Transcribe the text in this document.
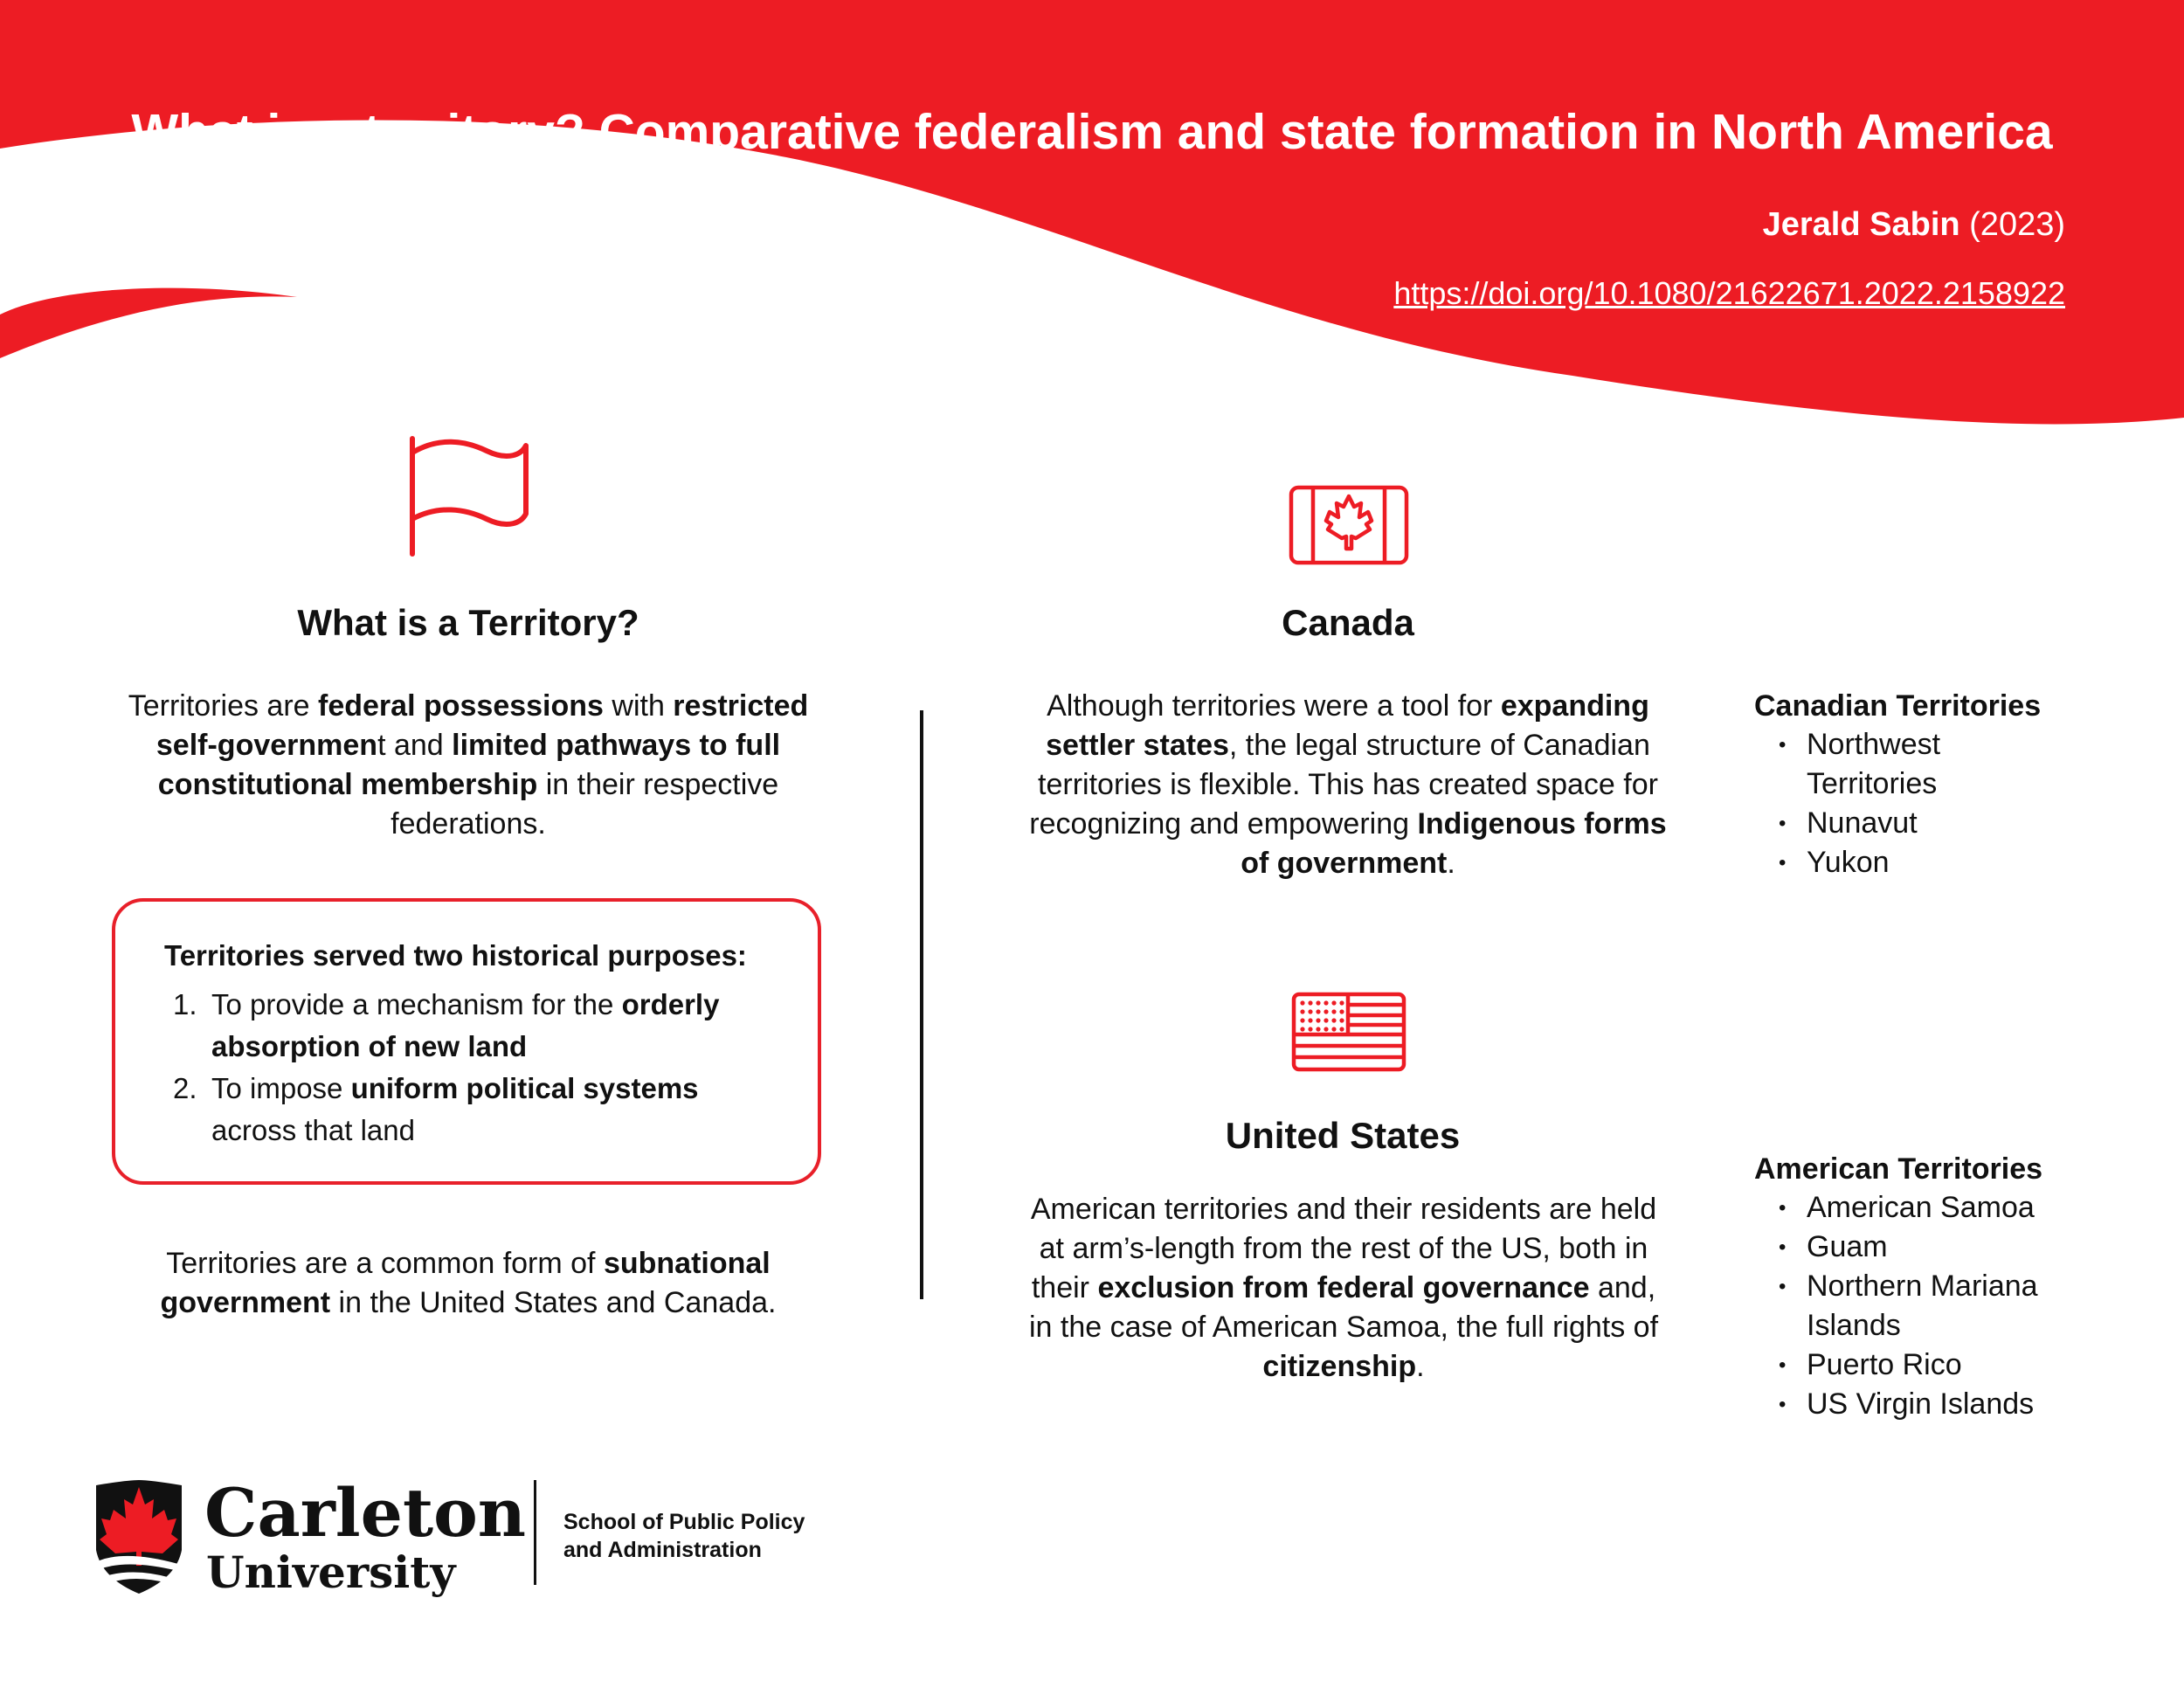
What is a territory? Comparative federalism and state formation in North America
Jerald Sabin (2023)
https://doi.org/10.1080/21622671.2022.2158922
What is a Territory?
Territories are federal possessions with restricted self-government and limited pathways to full constitutional membership in their respective federations.
Territories served two historical purposes:
1. To provide a mechanism for the orderly absorption of new land
2. To impose uniform political systems across that land
Territories are a common form of subnational government in the United States and Canada.
Canada
Although territories were a tool for expanding settler states, the legal structure of Canadian territories is flexible. This has created space for recognizing and empowering Indigenous forms of government.
Canadian Territories
• Northwest Territories
• Nunavut
• Yukon
United States
American territories and their residents are held at arm’s-length from the rest of the US, both in their exclusion from federal governance and, in the case of American Samoa, the full rights of citizenship.
American Territories
• American Samoa
• Guam
• Northern Mariana Islands
• Puerto Rico
• US Virgin Islands
Carleton
University
School of Public Policy
and Administration
